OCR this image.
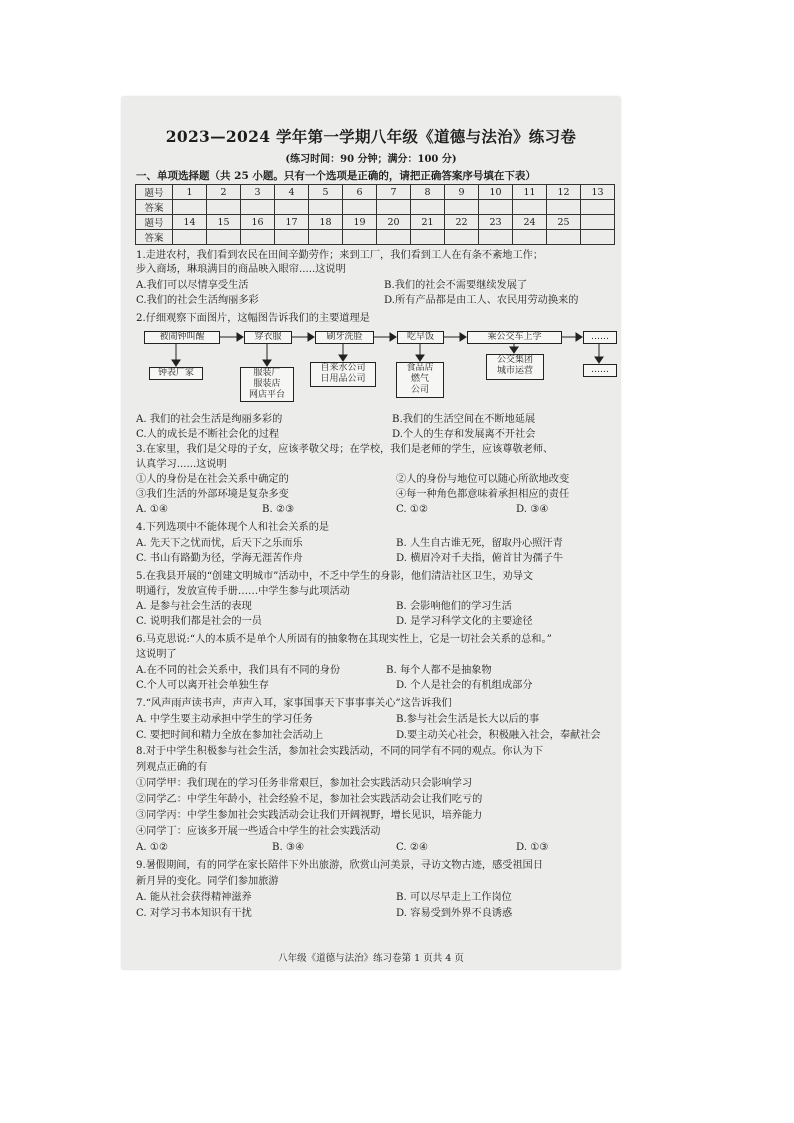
2023—2024 学年第一学期八年级《道德与法治》练习卷
(练习时间：90 分钟；满分：100 分)
一、单项选择题（共 25 小题。只有一个选项是正确的，请把正确答案序号填在下表）
题号	1	2	3	4	5	6	7	8	9	10	11	12	13
答案													
题号	14	15	16	17	18	19	20	21	22	23	24	25	
答案													
1.走进农村，我们看到农民在田间辛勤劳作；来到工厂，我们看到工人在有条不紊地工作；
步入商场，琳琅满目的商品映入眼帘.....这说明
A.我们可以尽情享受生活	B.我们的社会不需要继续发展了
C.我们的社会生活绚丽多彩	D.所有产品都是由工人、农民用劳动换来的
2.仔细观察下面图片，这幅图告诉我们的主要道理是
被闹钟叫醒	穿衣服	刷牙洗脸	吃早饭	乘公交车上学	……
钟表厂家	服装厂
服装店
网店平台
自来水公司
日用品公司
食品店
燃气
公司
公交集团
城市运营	……
A. 我们的社会生活是绚丽多彩的	B.我们的生活空间在不断地延展
C.人的成长是不断社会化的过程	D.个人的生存和发展离不开社会
3.在家里，我们是父母的子女，应该孝敬父母；在学校，我们是老师的学生，应该尊敬老师、
认真学习......这说明
①人的身份是在社会关系中确定的	②人的身份与地位可以随心所欲地改变
③我们生活的外部环境是复杂多变	④每一种角色都意味着承担相应的责任
A. ①④	B. ②③	C. ①②	D. ③④
4.下列选项中不能体现个人和社会关系的是
A. 先天下之忧而忧，后天下之乐而乐	B. 人生自古谁无死，留取丹心照汗青
C. 书山有路勤为径，学海无涯苦作舟	D. 横眉冷对千夫指，俯首甘为孺子牛
5.在我县开展的“创建文明城市”活动中，不乏中学生的身影，他们清洁社区卫生，劝导文
明通行，发放宣传手册……中学生参与此项活动
A. 是参与社会生活的表现	B. 会影响他们的学习生活
C. 说明我们都是社会的一员	D. 是学习科学文化的主要途径
6.马克思说:“人的本质不是单个人所固有的抽象物在其现实性上，它是一切社会关系的总和。”
这说明了
A.在不同的社会关系中，我们具有不同的身份	B. 每个人都不是抽象物
C.个人可以离开社会单独生存	D. 个人是社会的有机组成部分
7.“风声雨声读书声，声声入耳，家事国事天下事事事关心”这告诉我们
A. 中学生要主动承担中学生的学习任务	B.参与社会生活是长大以后的事
C. 要把时间和精力全放在参加社会活动上	D.要主动关心社会，积极融入社会，奉献社会
8.对于中学生积极参与社会生活，参加社会实践活动，不同的同学有不同的观点。你认为下
列观点正确的有
①同学甲：我们现在的学习任务非常艰巨，参加社会实践活动只会影响学习
②同学乙：中学生年龄小，社会经验不足，参加社会实践活动会让我们吃亏的
③同学丙：中学生参加社会实践活动会让我们开阔视野，增长见识，培养能力
④同学丁：应该多开展一些适合中学生的社会实践活动
A. ①②	B. ③④	C. ②④	D. ①③
9.暑假期间，有的同学在家长陪伴下外出旅游，欣赏山河美景，寻访文物古迹，感受祖国日
新月异的变化。同学们参加旅游
A. 能从社会获得精神滋养	B. 可以尽早走上工作岗位
C. 对学习书本知识有干扰	D. 容易受到外界不良诱惑
八年级《道德与法治》练习卷第 1 页共 4 页
